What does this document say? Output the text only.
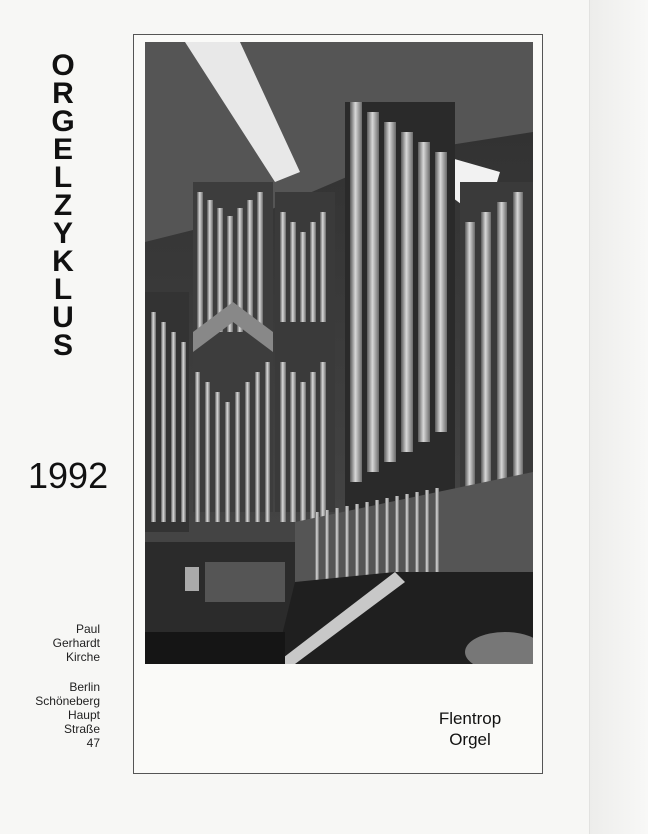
O
R
G
E
L
Z
Y
K
L
U
S
1992
Paul
Gerhardt
Kirche
Berlin
Schöneberg
Haupt
Straße
47
Flentrop
Orgel
